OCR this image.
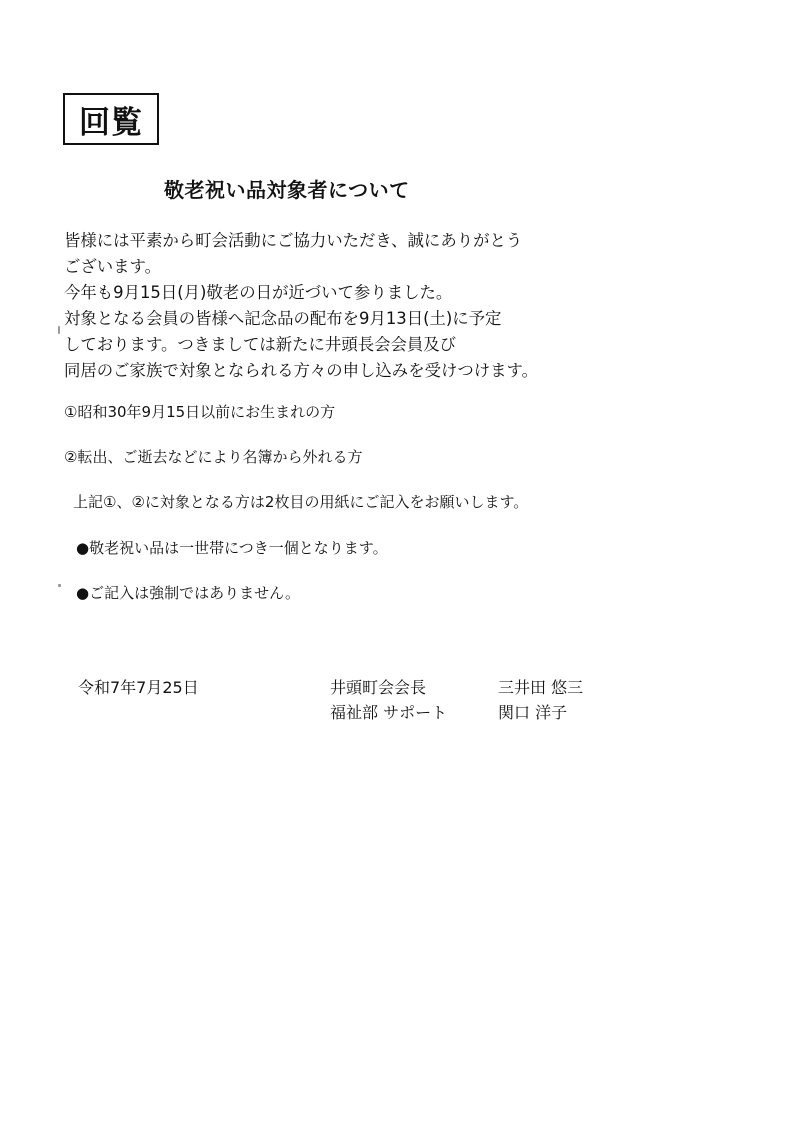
回覧
敬老祝い品対象者について
皆様には平素から町会活動にご協力いただき、誠にありがとう
ございます。
今年も9月15日(月)敬老の日が近づいて参りました。
対象となる会員の皆様へ記念品の配布を9月13日(土)に予定
しております。つきましては新たに井頭長会会員及び
同居のご家族で対象となられる方々の申し込みを受けつけます。
①昭和30年9月15日以前にお生まれの方
②転出、ご逝去などにより名簿から外れる方
上記①、②に対象となる方は2枚目の用紙にご記入をお願いします。
●敬老祝い品は一世帯につき一個となります。
●ご記入は強制ではありません。
令和7年7月25日	井頭町会会長	三井田 悠三
福祉部 サポート	関口 洋子
